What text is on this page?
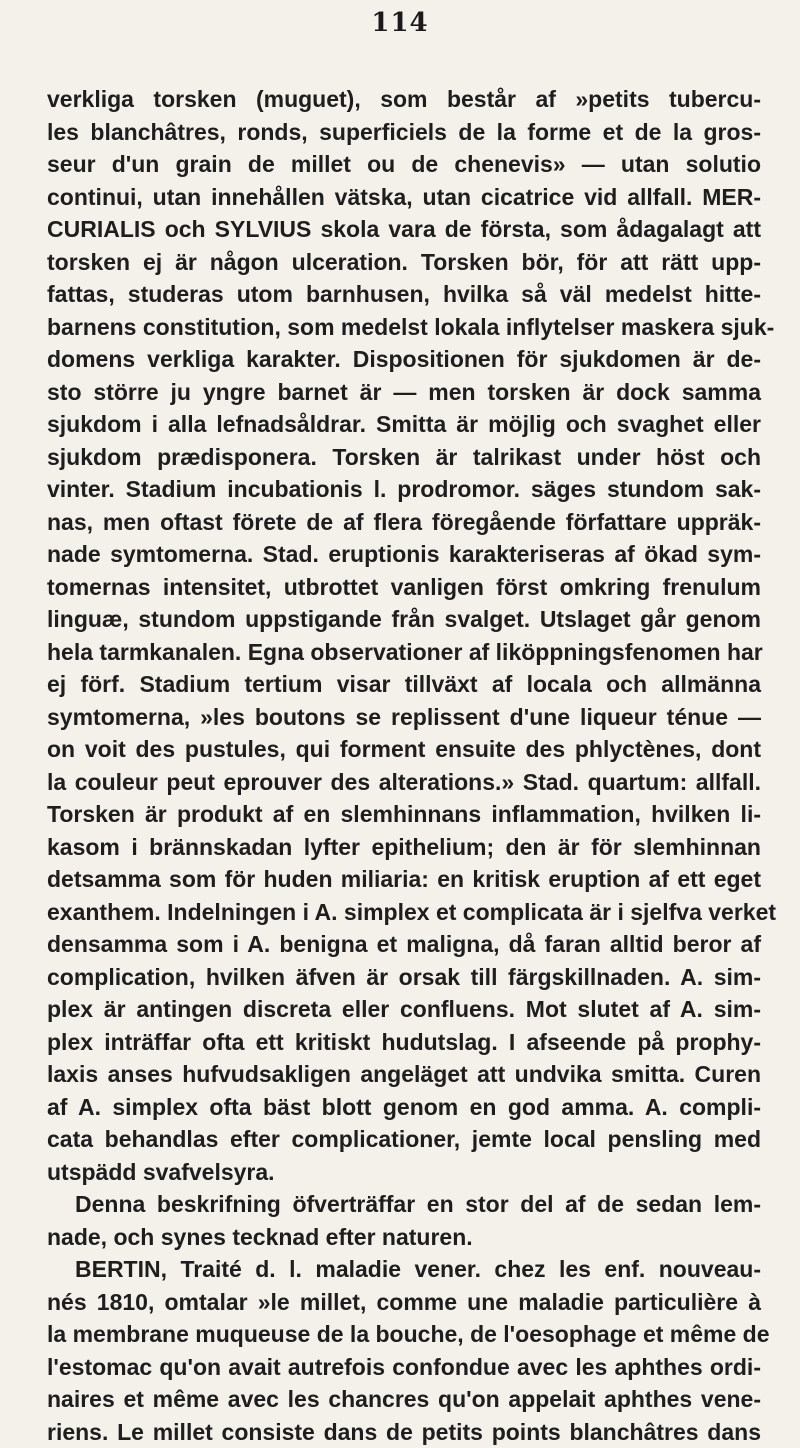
114
verkliga torsken (muguet), som består af »petits tubercu-
les blanchâtres, ronds, superficiels de la forme et de la gros-
seur d'un grain de millet ou de chenevis» — utan solutio
continui, utan innehållen vätska, utan cicatrice vid allfall. MER-
CURIALIS och SYLVIUS skola vara de första, som ådagalagt att
torsken ej är någon ulceration. Torsken bör, för att rätt upp-
fattas, studeras utom barnhusen, hvilka så väl medelst hitte-
barnens constitution, som medelst lokala inflytelser maskera sjuk-
domens verkliga karakter. Dispositionen för sjukdomen är de-
sto större ju yngre barnet är — men torsken är dock samma
sjukdom i alla lefnadsåldrar. Smitta är möjlig och svaghet eller
sjukdom prædisponera. Torsken är talrikast under höst och
vinter. Stadium incubationis l. prodromor. säges stundom sak-
nas, men oftast förete de af flera föregående författare uppräk-
nade symtomerna. Stad. eruptionis karakteriseras af ökad sym-
tomernas intensitet, utbrottet vanligen först omkring frenulum
linguæ, stundom uppstigande från svalget. Utslaget går genom
hela tarmkanalen. Egna observationer af liköppningsfenomen har
ej förf. Stadium tertium visar tillväxt af locala och allmänna
symtomerna, »les boutons se replissent d'une liqueur ténue —
on voit des pustules, qui forment ensuite des phlyctènes, dont
la couleur peut eprouver des alterations.» Stad. quartum: allfall.
Torsken är produkt af en slemhinnans inflammation, hvilken li-
kasom i brännskadan lyfter epithelium; den är för slemhinnan
detsamma som för huden miliaria: en kritisk eruption af ett eget
exanthem. Indelningen i A. simplex et complicata är i sjelfva verket
densamma som i A. benigna et maligna, då faran alltid beror af
complication, hvilken äfven är orsak till färgskillnaden. A. sim-
plex är antingen discreta eller confluens. Mot slutet af A. sim-
plex inträffar ofta ett kritiskt hudutslag. I afseende på prophy-
laxis anses hufvudsakligen angeläget att undvika smitta. Curen
af A. simplex ofta bäst blott genom en god amma. A. compli-
cata behandlas efter complicationer, jemte local pensling med
utspädd svafvelsyra.
Denna beskrifning öfverträffar en stor del af de sedan lem-
nade, och synes tecknad efter naturen.
BERTIN, Traité d. l. maladie vener. chez les enf. nouveau-
nés 1810, omtalar »le millet, comme une maladie particulière à
la membrane muqueuse de la bouche, de l'oesophage et même de
l'estomac qu'on avait autrefois confondue avec les aphthes ordi-
naires et même avec les chancres qu'on appelait aphthes vene-
riens. Le millet consiste dans de petits points blanchâtres dans
